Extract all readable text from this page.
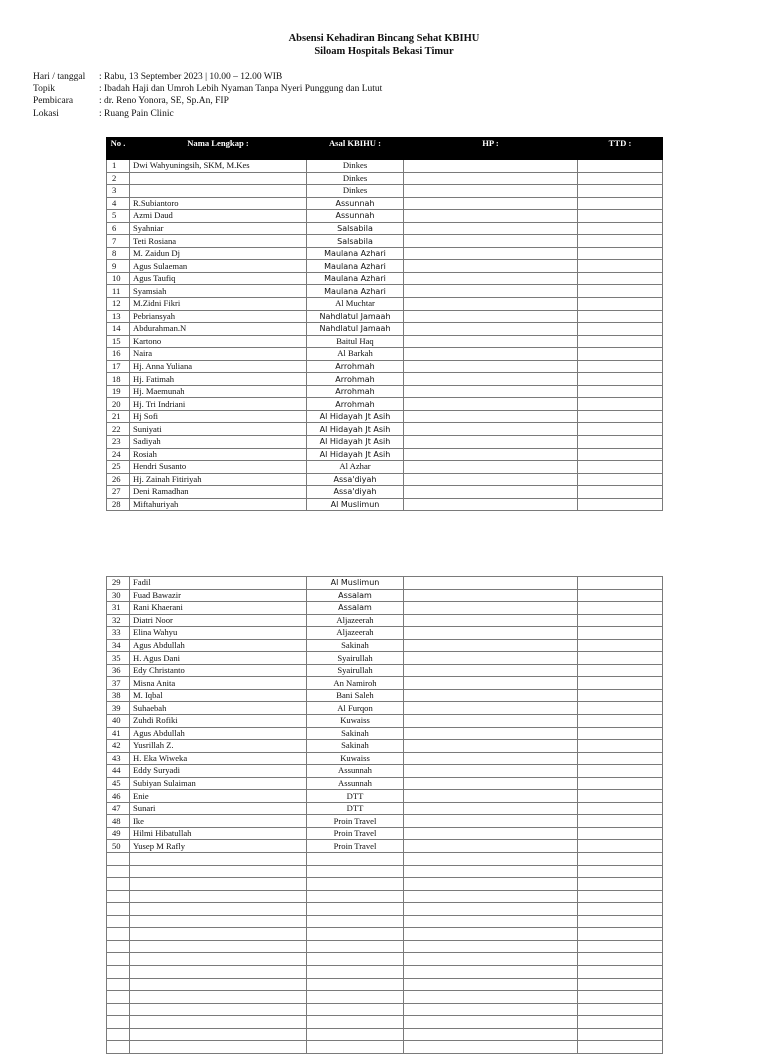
Absensi Kehadiran Bincang Sehat KBIHU
Siloam Hospitals Bekasi Timur
Hari / tanggal	: Rabu, 13 September 2023 | 10.00 – 12.00 WIB
Topik	: Ibadah Haji dan Umroh Lebih Nyaman Tanpa Nyeri Punggung dan Lutut
Pembicara	: dr. Reno Yonora, SE, Sp.An, FIP
Lokasi	: Ruang Pain Clinic
No .	Nama Lengkap :	Asal KBIHU :	HP :	TTD :
1	Dwi Wahyuningsih, SKM, M.Kes	Dinkes		
2		Dinkes		
3		Dinkes		
4	R.Subiantoro	Assunnah		
5	Azmi Daud	Assunnah		
6	Syahniar	Salsabila		
7	Teti Rosiana	Salsabila		
8	M. Zaidun Dj	Maulana Azhari		
9	Agus Sulaeman	Maulana Azhari		
10	Agus Taufiq	Maulana Azhari		
11	Syamsiah	Maulana Azhari		
12	M.Zidni Fikri	Al Muchtar		
13	Pebriansyah	Nahdlatul Jamaah		
14	Abdurahman.N	Nahdlatul Jamaah		
15	Kartono	Baitul Haq		
16	Naira	Al Barkah		
17	Hj. Anna Yuliana	Arrohmah		
18	Hj. Fatimah	Arrohmah		
19	Hj. Maemunah	Arrohmah		
20	Hj. Tri Indriani	Arrohmah		
21	Hj Sofi	Al Hidayah Jt Asih		
22	Suniyati	Al Hidayah Jt Asih		
23	Sadiyah	Al Hidayah Jt Asih		
24	Rosiah	Al Hidayah Jt Asih		
25	Hendri Susanto	Al Azhar		
26	Hj. Zainah Fitiriyah	Assa'diyah		
27	Deni Ramadhan	Assa'diyah		
28	Miftahuriyah	Al Muslimun		
29	Fadil	Al Muslimun		
30	Fuad Bawazir	Assalam		
31	Rani Khaerani	Assalam		
32	Diatri Noor	Aljazeerah		
33	Elina Wahyu	Aljazeerah		
34	Agus Abdullah	Sakinah		
35	H. Agus Dani	Syairullah		
36	Edy Christanto	Syairullah		
37	Misna Anita	An Namiroh		
38	M. Iqbal	Bani Saleh		
39	Suhaebah	Al Furqon		
40	Zuhdi Rofiki	Kuwaiss		
41	Agus Abdullah	Sakinah		
42	Yusrillah Z.	Sakinah		
43	H. Eka Wiweka	Kuwaiss		
44	Eddy Suryadi	Assunnah		
45	Subiyan Sulaiman	Assunnah		
46	Enie	DTT		
47	Sunari	DTT		
48	Ike	Proin Travel		
49	Hilmi Hibatullah	Proin Travel		
50	Yusep M Rafly	Proin Travel		
